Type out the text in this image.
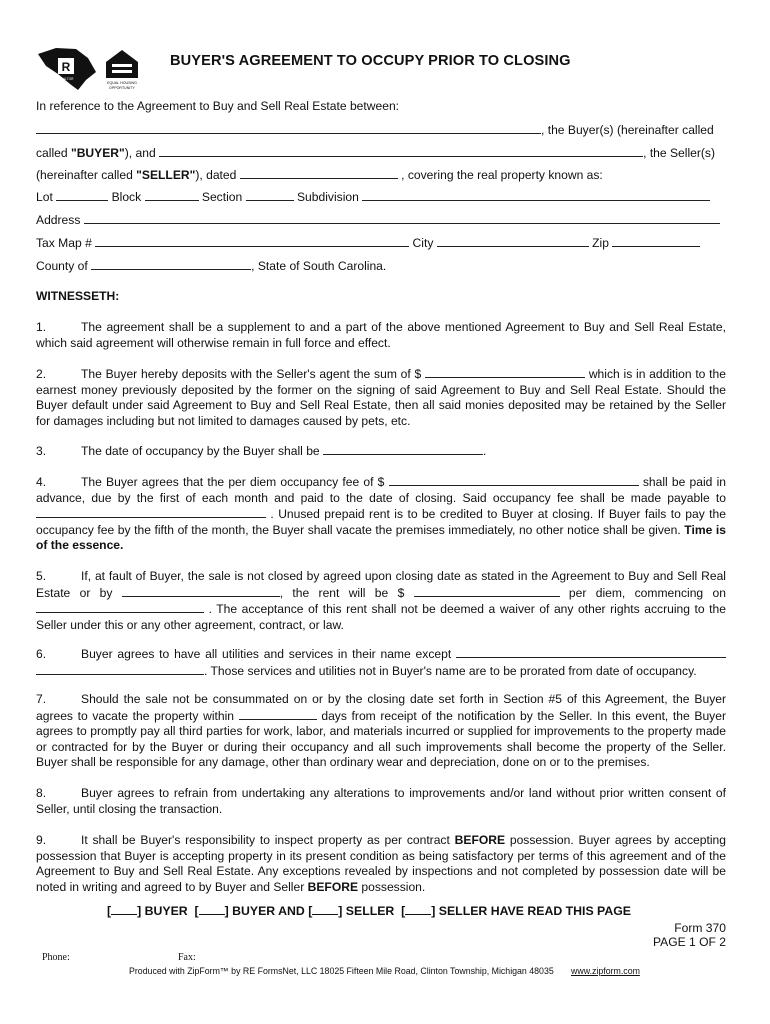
R
REALTOR
EQUAL HOUSING
OPPORTUNITY
BUYER'S AGREEMENT TO OCCUPY PRIOR TO CLOSING
In reference to the Agreement to Buy and Sell Real Estate between:
, the Buyer(s) (hereinafter called
called "BUYER"), and	, the Seller(s)
(hereinafter called "SELLER"), dated	, covering the real property known as:
Lot	Block	Section	Subdivision
Address
Tax Map #	City	Zip
County of	, State of South Carolina.
WITNESSETH:
1.	The agreement shall be a supplement to and a part of the above mentioned Agreement to Buy and Sell Real Estate, which said agreement will otherwise remain in full force and effect.
2.	The Buyer hereby deposits with the Seller's agent the sum of $	which is in addition to the earnest money previously deposited by the former on the signing of said Agreement to Buy and Sell Real Estate. Should the Buyer default under said Agreement to Buy and Sell Real Estate, then all said monies deposited may be retained by the Seller for damages including but not limited to damages caused by pets, etc.
3.	The date of occupancy by the Buyer shall be	.
4.	The Buyer agrees that the per diem occupancy fee of $	shall be paid in advance, due by the first of each month and paid to the date of closing. Said occupancy fee shall be made payable to  . Unused prepaid rent is to be credited to Buyer at closing. If Buyer fails to pay the occupancy fee by the fifth of the month, the Buyer shall vacate the premises immediately, no other notice shall be given. Time is of the essence.
5.	If, at fault of Buyer, the sale is not closed by agreed upon closing date as stated in the Agreement to Buy and Sell Real Estate or by	, the rent will be $	per diem, commencing on  . The acceptance of this rent shall not be deemed a waiver of any other rights accruing to the Seller under this or any other agreement, contract, or law.
6.	Buyer agrees to have all utilities and services in their name except  . Those services and utilities not in Buyer's name are to be prorated from date of occupancy.
7.	Should the sale not be consummated on or by the closing date set forth in Section #5 of this Agreement, the Buyer agrees to vacate the property within	days from receipt of the notification by the Seller. In this event, the Buyer agrees to promptly pay all third parties for work, labor, and materials incurred or supplied for improvements to the property made or contracted for by the Buyer or during their occupancy and all such improvements shall become the property of the Seller. Buyer shall be responsible for any damage, other than ordinary wear and depreciation, done on or to the premises.
8.	Buyer agrees to refrain from undertaking any alterations to improvements and/or land without prior written consent of Seller, until closing the transaction.
9.	It shall be Buyer's responsibility to inspect property as per contract BEFORE possession. Buyer agrees by accepting possession that Buyer is accepting property in its present condition as being satisfactory per terms of this agreement and of the Agreement to Buy and Sell Real Estate. Any exceptions revealed by inspections and not completed by possession date will be noted in writing and agreed to by Buyer and Seller BEFORE possession.
[ ] BUYER  [ ] BUYER AND [ ] SELLER  [ ] SELLER HAVE READ THIS PAGE
Form 370
PAGE 1 OF 2
Phone:	Fax:
Produced with ZipForm™ by RE FormsNet, LLC 18025 Fifteen Mile Road, Clinton Township, Michigan 48035 www.zipform.com
